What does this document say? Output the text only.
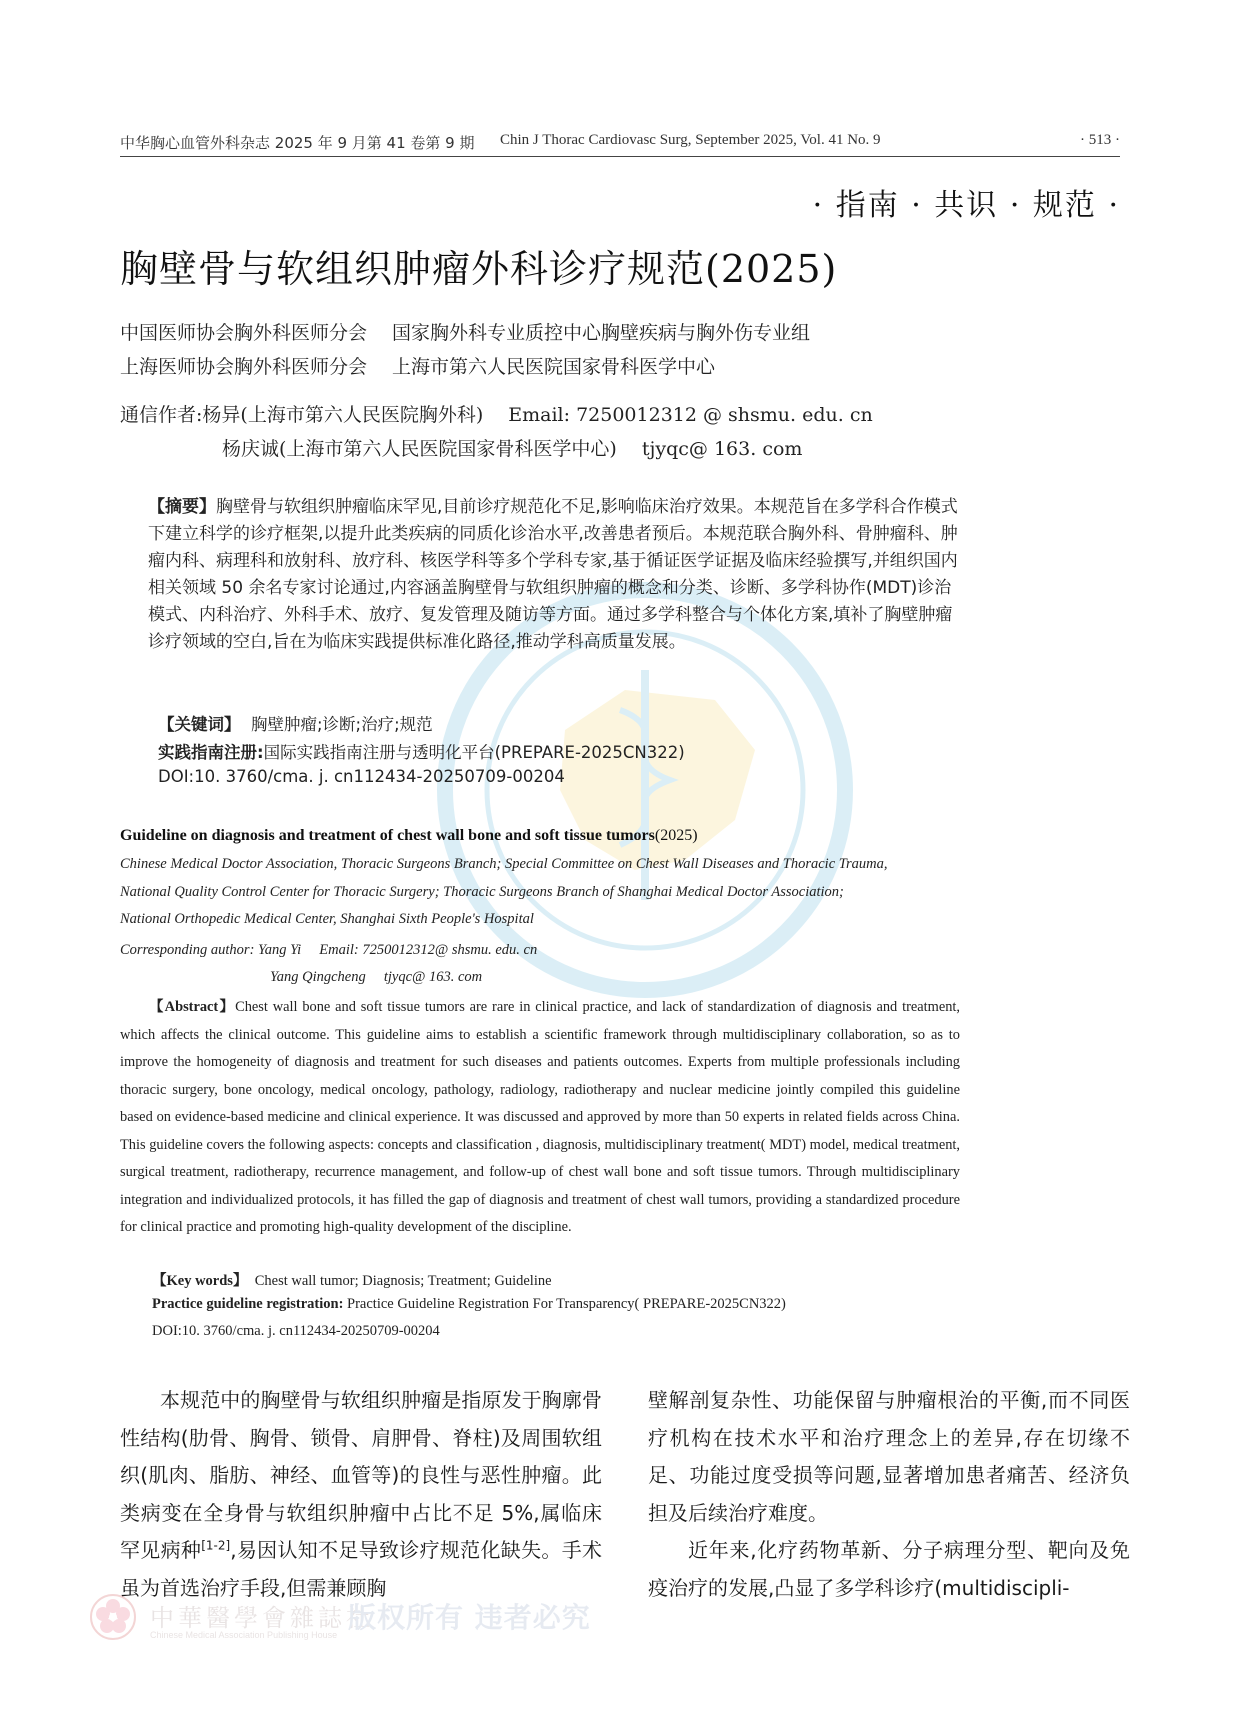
中华胸心血管外科杂志 2025 年 9 月第 41 卷第 9 期 Chin J Thorac Cardiovasc Surg, September 2025, Vol. 41 No. 9	· 513 ·
· 指南 · 共识 · 规范 ·
胸壁骨与软组织肿瘤外科诊疗规范(2025)
中国医师协会胸外科医师分会　 国家胸外科专业质控中心胸壁疾病与胸外伤专业组
上海医师协会胸外科医师分会　 上海市第六人民医院国家骨科医学中心
通信作者:杨异(上海市第六人民医院胸外科)　 Email: 7250012312 @ shsmu. edu. cn
杨庆诚(上海市第六人民医院国家骨科医学中心)　 tjyqc@ 163. com
【摘要】胸壁骨与软组织肿瘤临床罕见,目前诊疗规范化不足,影响临床治疗效果。本规范旨在多学科合作模式下建立科学的诊疗框架,以提升此类疾病的同质化诊治水平,改善患者预后。本规范联合胸外科、骨肿瘤科、肿瘤内科、病理科和放射科、放疗科、核医学科等多个学科专家,基于循证医学证据及临床经验撰写,并组织国内相关领域 50 余名专家讨论通过,内容涵盖胸壁骨与软组织肿瘤的概念和分类、诊断、多学科协作(MDT)诊治模式、内科治疗、外科手术、放疗、复发管理及随访等方面。通过多学科整合与个体化方案,填补了胸壁肿瘤诊疗领域的空白,旨在为临床实践提供标准化路径,推动学科高质量发展。
【关键词】 胸壁肿瘤;诊断;治疗;规范
实践指南注册:国际实践指南注册与透明化平台(PREPARE-2025CN322)
DOI:10. 3760/cma. j. cn112434-20250709-00204
Guideline on diagnosis and treatment of chest wall bone and soft tissue tumors(2025)
Chinese Medical Doctor Association, Thoracic Surgeons Branch; Special Committee on Chest Wall Diseases and Thoracic Trauma,
National Quality Control Center for Thoracic Surgery; Thoracic Surgeons Branch of Shanghai Medical Doctor Association;
National Orthopedic Medical Center, Shanghai Sixth People's Hospital
Corresponding author: Yang Yi　 Email: 7250012312@ shsmu. edu. cn
Yang Qingcheng　 tjyqc@ 163. com
【Abstract】Chest wall bone and soft tissue tumors are rare in clinical practice, and lack of standardization of diagnosis and treatment, which affects the clinical outcome. This guideline aims to establish a scientific framework through multidisciplinary collaboration, so as to improve the homogeneity of diagnosis and treatment for such diseases and patients outcomes. Experts from multiple professionals including thoracic surgery, bone oncology, medical oncology, pathology, radiology, radiotherapy and nuclear medicine jointly compiled this guideline based on evidence-based medicine and clinical experience. It was discussed and approved by more than 50 experts in related fields across China. This guideline covers the following aspects: concepts and classification , diagnosis, multidisciplinary treatment( MDT) model, medical treatment, surgical treatment, radiotherapy, recurrence management, and follow-up of chest wall bone and soft tissue tumors. Through multidisciplinary integration and individualized protocols, it has filled the gap of diagnosis and treatment of chest wall tumors, providing a standardized procedure for clinical practice and promoting high-quality development of the discipline.
【Key words】 Chest wall tumor; Diagnosis; Treatment; Guideline
Practice guideline registration: Practice Guideline Registration For Transparency( PREPARE-2025CN322)
DOI:10. 3760/cma. j. cn112434-20250709-00204

本规范中的胸壁骨与软组织肿瘤是指原发于胸廓骨性结构(肋骨、胸骨、锁骨、肩胛骨、脊柱)及周围软组织(肌肉、脂肪、神经、血管等)的良性与恶性肿瘤。此类病变在全身骨与软组织肿瘤中占比不足 5%,属临床罕见病种[1-2],易因认知不足导致诊疗规范化缺失。手术虽为首选治疗手段,但需兼顾胸

壁解剖复杂性、功能保留与肿瘤根治的平衡,而不同医疗机构在技术水平和治疗理念上的差异,存在切缘不足、功能过度受损等问题,显著增加患者痛苦、经济负担及后续治疗难度。

近年来,化疗药物革新、分子病理分型、靶向及免疫治疗的发展,凸显了多学科诊疗(multidiscipli-

中華醫學會雜誌社
Chinese Medical Association Publishing House
版权所有 违者必究
